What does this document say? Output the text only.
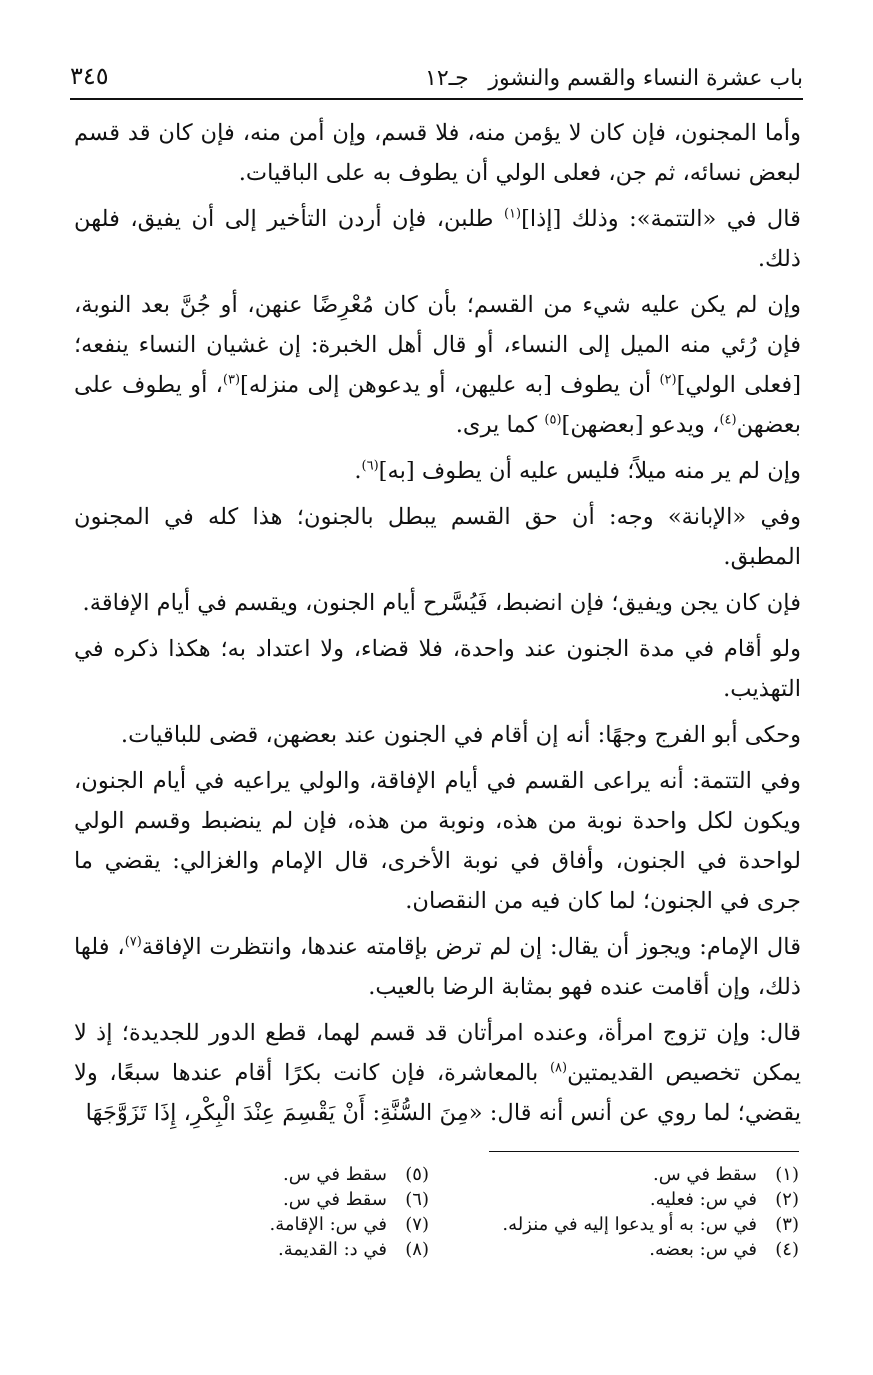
باب عشرة النساء والقسم والنشوز
جـ١٢
٣٤٥

وأما المجنون، فإن كان لا يؤمن منه، فلا قسم، وإن أمن منه، فإن كان قد قسم لبعض نسائه، ثم جن، فعلى الولي أن يطوف به على الباقيات.

قال في «التتمة»: وذلك [إذا]$^{(١)}$ طلبن، فإن أردن التأخير إلى أن يفيق، فلهن ذلك.

وإن لم يكن عليه شيء من القسم؛ بأن كان مُعْرِضًا عنهن، أو جُنَّ بعد النوبة، فإن رُئي منه الميل إلى النساء، أو قال أهل الخبرة: إن غشيان النساء ينفعه؛ [فعلى الولي]$^{(٢)}$ أن يطوف [به عليهن، أو يدعوهن إلى منزله]$^{(٣)}$، أو يطوف على بعضهن$^{(٤)}$، ويدعو [بعضهن]$^{(٥)}$ كما يرى.

وإن لم ير منه ميلاً؛ فليس عليه أن يطوف [به]$^{(٦)}$.

وفي «الإبانة» وجه: أن حق القسم يبطل بالجنون؛ هذا كله في المجنون المطبق.

فإن كان يجن ويفيق؛ فإن انضبط، فَيُسَّرح أيام الجنون، ويقسم في أيام الإفاقة.

ولو أقام في مدة الجنون عند واحدة، فلا قضاء، ولا اعتداد به؛ هكذا ذكره في التهذيب.

وحكى أبو الفرج وجهًا: أنه إن أقام في الجنون عند بعضهن، قضى للباقيات.

وفي التتمة: أنه يراعى القسم في أيام الإفاقة، والولي يراعيه في أيام الجنون، ويكون لكل واحدة نوبة من هذه، ونوبة من هذه، فإن لم ينضبط وقسم الولي لواحدة في الجنون، وأفاق في نوبة الأخرى، قال الإمام والغزالي: يقضي ما جرى في الجنون؛ لما كان فيه من النقصان.

قال الإمام: ويجوز أن يقال: إن لم ترض بإقامته عندها، وانتظرت الإفاقة$^{(٧)}$، فلها ذلك، وإن أقامت عنده فهو بمثابة الرضا بالعيب.

قال: وإن تزوج امرأة، وعنده امرأتان قد قسم لهما، قطع الدور للجديدة؛ إذ لا يمكن تخصيص القديمتين$^{(٨)}$ بالمعاشرة، فإن كانت بكرًا أقام عندها سبعًا، ولا يقضي؛ لما روي عن أنس أنه قال: «مِنَ السُّنَّةِ: أَنْ يَقْسِمَ عِنْدَ الْبِكْرِ، إِذَا تَزَوَّجَهَا

(١)
سقط في س.
(٢)
في س: فعليه.
(٣)
في س: به أو يدعوا إليه في منزله.
(٤)
في س: بعضه.
(٥)
سقط في س.
(٦)
سقط في س.
(٧)
في س: الإقامة.
(٨)
في د: القديمة.
